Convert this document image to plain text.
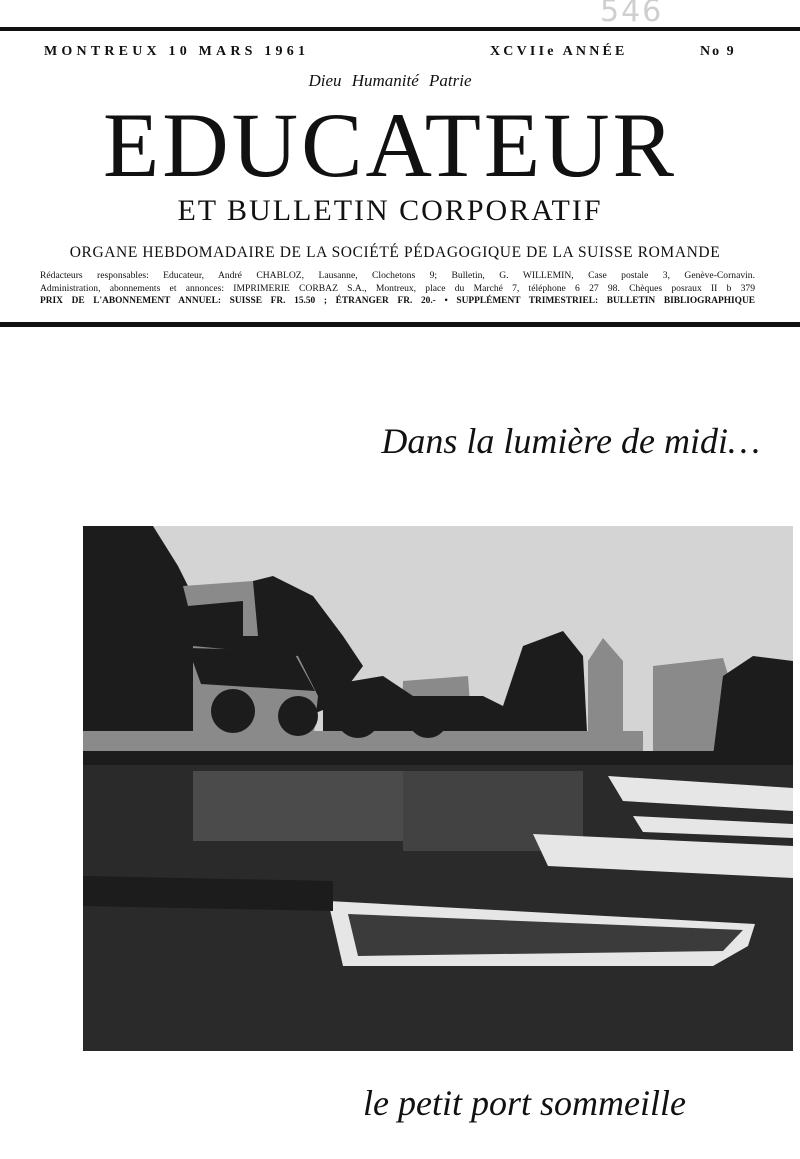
546
MONTREUX 10 MARS 1961	XCVIIe ANNÉE	No 9
Dieu Humanité Patrie
EDUCATEUR
ET BULLETIN CORPORATIF
ORGANE HEBDOMADAIRE DE LA SOCIÉTÉ PÉDAGOGIQUE DE LA SUISSE ROMANDE
Rédacteurs responsables: Educateur, André CHABLOZ, Lausanne, Clochetons 9; Bulletin, G. WILLEMIN, Case postale 3, Genève-Cornavin.
Administration, abonnements et annonces: IMPRIMERIE CORBAZ S.A., Montreux, place du Marché 7, téléphone 6 27 98. Chèques posraux II b 379
PRIX DE L'ABONNEMENT ANNUEL: SUISSE FR. 15.50 ; ÉTRANGER FR. 20.- • SUPPLÉMENT TRIMESTRIEL: BULLETIN BIBLIOGRAPHIQUE
Dans la lumière de midi…
le petit port sommeille
